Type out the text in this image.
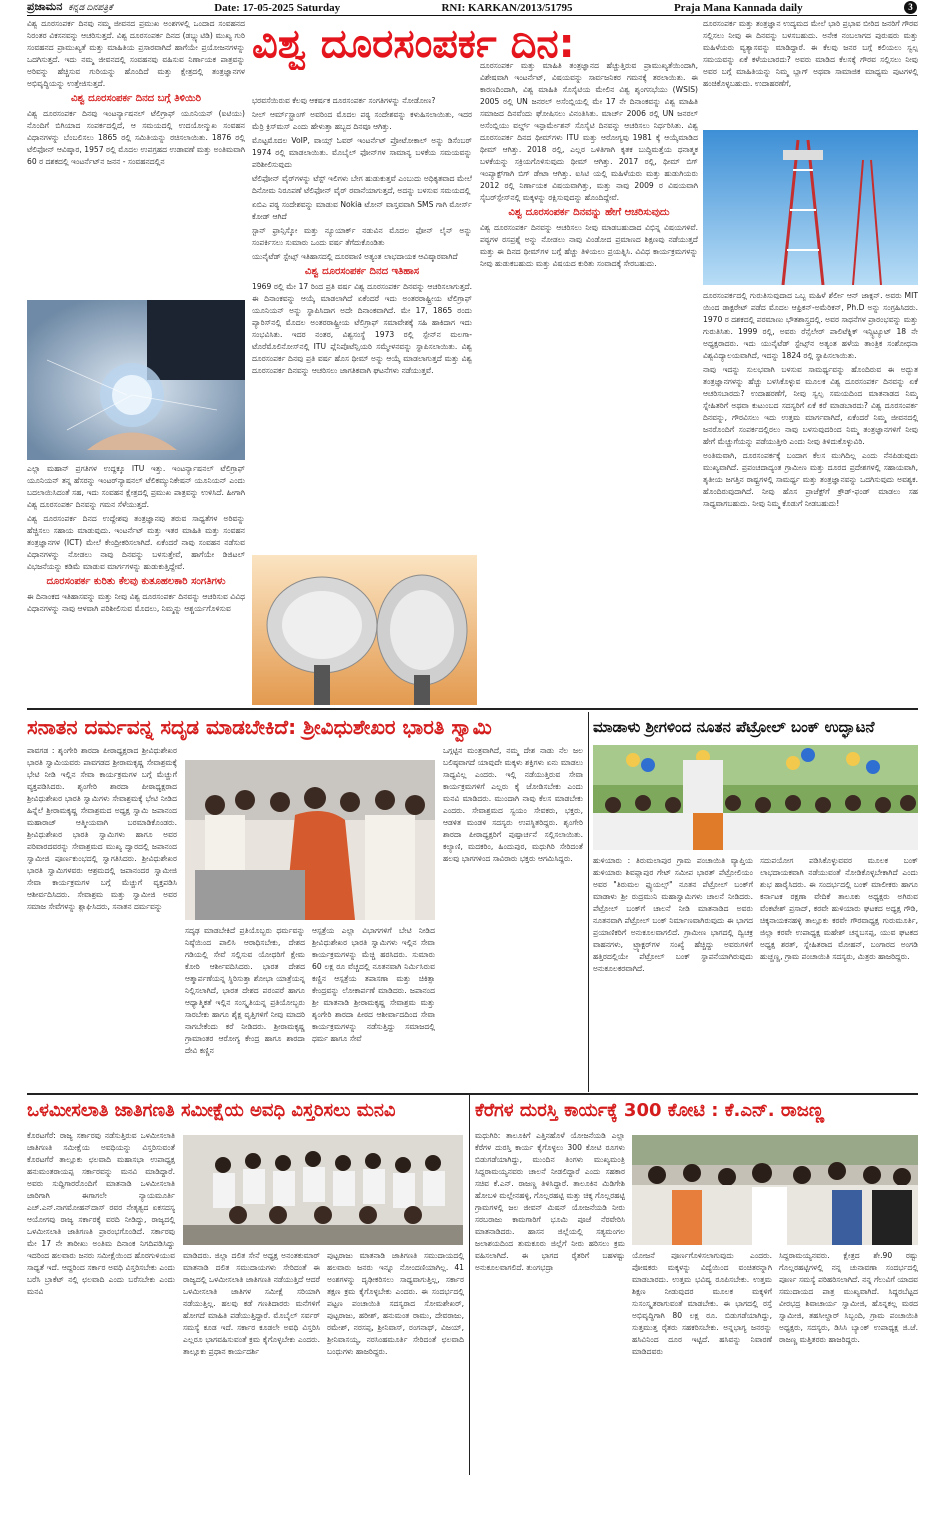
ಪ್ರಜಾಮನ ಕನ್ನಡ ದಿನಪತ್ರಿಕೆ	Date: 17-05-2025 Saturday	RNI: KARKAN/2013/51795	Praja Mana Kannada daily	3
ವಿಶ್ವ ದೂರಸಂಪರ್ಕ ದಿನ:

ವಿಶ್ವ ದೂರಸಂಪರ್ಕ ದಿನವು ನಮ್ಮ ಜೀವನದ ಪ್ರಮುಖ ಅಂಶಗಳಲ್ಲಿ ಒಂದಾದ ಸಂವಹನದ ನಿರಂತರ ವಿಕಸನವನ್ನು ಆಚರಿಸುತ್ತದೆ. ವಿಶ್ವ ದೂರಸಂಪರ್ಕ ದಿನದ (ಡಬ್ಲ್ಯುಟಿಡಿ) ಮುಖ್ಯ ಗುರಿ ಸಂವಹನದ ಪ್ರಾಮುಖ್ಯತೆ ಮತ್ತು ಮಾಹಿತಿಯ ಪ್ರಸಾರವಾಗಿದೆ ಹಾಗೆಯೇ ಪ್ರಯೋಜನಗಳನ್ನು ಒದಗಿಸುತ್ತದೆ. ಇದು ನಮ್ಮ ಜೀವನದಲ್ಲಿ ಸಂವಹನವು ವಹಿಸುವ ನಿರ್ಣಾಯಕ ಪಾತ್ರವನ್ನು ಅರಿವನ್ನು ಹೆಚ್ಚಿಸುವ ಗುರಿಯನ್ನು ಹೊಂದಿದೆ ಮತ್ತು ಕ್ಷೇತ್ರದಲ್ಲಿ ತಂತ್ರಜ್ಞಾನಗಳ ಅಭಿವೃದ್ಧಿಯನ್ನು ಉತ್ತೇಜಿಸುತ್ತದೆ.

ವಿಶ್ವ ದೂರಸಂಪರ್ಕ ದಿನದ ಬಗ್ಗೆ ತಿಳಿಯಿರಿ

ವಿಶ್ವ ದೂರಸಂಪರ್ಕ ದಿನವು ಇಂಟರ್ನ್ಯಾಷನಲ್ ಟೆಲಿಗ್ರಾಫ್ ಯೂನಿಯನ್ (ಐಟಿಯು) ನೊಂದಿಗೆ ಬಿಗಿಯಾದ ಸಂಪರ್ಕದಲ್ಲಿದೆ, ಆ ಸಮಯದಲ್ಲಿ ಉದಯೋನ್ಮುಖ ಸಂವಹನ ವಿಧಾನಗಳನ್ನು ಬೆಂಬಲಿಸಲು 1865 ರಲ್ಲಿ ಸಮಿತಿಯನ್ನು ರಚಿಸಲಾಯಿತು. 1876 ರಲ್ಲಿ ಟೆಲಿಫೋನ್ ಆವಿಷ್ಕಾರ, 1957 ರಲ್ಲಿ ಮೊದಲ ಉಪಗ್ರಹದ ಉಡಾವಣೆ ಮತ್ತು ಅಂತಿಮವಾಗಿ 60 ರ ದಶಕದಲ್ಲಿ ಇಂಟರ್ನೆಟ್‌ನ ಜನನ - ಸಂವಹನದಲ್ಲಿನ

ಎಲ್ಲಾ ಮಹಾನ್ ಪ್ರಗತಿಗಳ ಉದ್ದಕ್ಕೂ ITU ಇತ್ತು. ಇಂಟರ್ನ್ಯಾಷನಲ್ ಟೆಲಿಗ್ರಾಫ್ ಯೂನಿಯನ್ ತನ್ನ ಹೆಸರನ್ನು ಇಂಟರ್‌ನ್ಯಾಷನಲ್ ಟೆಲಿಕಮ್ಯುನಿಕೇಷನ್ ಯೂನಿಯನ್ ಎಂದು ಬದಲಾಯಿಸಿದಂತೆ ಸಹ, ಇದು ಸಂವಹನ ಕ್ಷೇತ್ರದಲ್ಲಿ ಪ್ರಮುಖ ಪಾತ್ರವನ್ನು ಉಳಿಸಿದೆ. ಹೀಗಾಗಿ ವಿಶ್ವ ದೂರಸಂಪರ್ಕ ದಿನವನ್ನು ಗಮನ ಸೆಳೆಯುತ್ತದೆ.

ವಿಶ್ವ ದೂರಸಂಪರ್ಕ ದಿನದ ಉದ್ದೇಶವು ತಂತ್ರಜ್ಞಾನವು ತರುವ ಸಾಧ್ಯತೆಗಳ ಅರಿವನ್ನು ಹೆಚ್ಚಿಸಲು ಸಹಾಯ ಮಾಡುವುದು. ಇಂಟರ್ನೆಟ್ ಮತ್ತು ಇತರ ಮಾಹಿತಿ ಮತ್ತು ಸಂವಹನ ತಂತ್ರಜ್ಞಾನಗಳ (ICT) ಮೇಲೆ ಕೇಂದ್ರೀಕರಿಸಲಾಗಿದೆ. ಏಕೆಂದರೆ ನಾವು ಸಂವಹನ ನಡೆಸುವ ವಿಧಾನಗಳನ್ನು ನೋಡಲು ನಾವು ದಿನವನ್ನು ಬಳಸುತ್ತೇವೆ, ಹಾಗೆಯೇ ಡಿಜಿಟಲ್ ವಿಭಜನೆಯನ್ನು ಕಡಿಮೆ ಮಾಡುವ ಮಾರ್ಗಗಳನ್ನು ಹುಡುಕುತ್ತಿದ್ದೇವೆ.

ದೂರಸಂಪರ್ಕ ಕುರಿತು ಕೆಲವು ಕುತೂಹಲಕಾರಿ ಸಂಗತಿಗಳು

ಈ ದಿನಾಂಕದ ಇತಿಹಾಸವನ್ನು ಮತ್ತು ನೀವು ವಿಶ್ವ ದೂರಸಂಪರ್ಕ ದಿನವನ್ನು ಆಚರಿಸುವ ವಿವಿಧ ವಿಧಾನಗಳನ್ನು ನಾವು ಆಳವಾಗಿ ಪರಿಶೀಲಿಸುವ ಮೊದಲು, ನಿಮ್ಮನ್ನು ಆಶ್ಚರ್ಯಗೊಳಿಸುವ

ಭರವಸೆಯಿರುವ ಕೆಲವು ಆಕರ್ಷಕ ದೂರಸಂಪರ್ಕ ಸಂಗತಿಗಳನ್ನು ನೋಡೋಣ?

ನೀಲ್ ಆರ್ಮ್‌ಸ್ಟ್ರಾಂಗ್ ಅವರಿಂದ ಮೊದಲ ಪಠ್ಯ ಸಂದೇಶವನ್ನು ಕಳುಹಿಸಲಾಯಿತು, ಇದರ ಮೆರ್ರಿ ಕ್ರಿಸ್‌ಮಸ್ ಎಂದು ಹೇಳುತ್ತಾ ಹಬ್ಬದ ದಿನವೂ ಆಗಿತ್ತು.

ಮೊಟ್ಟಮೊದಲ VoIP, ವಾಯ್ಸ್ ಓವರ್ ಇಂಟರ್ನೆಟ್ ಪ್ರೋಟೋಕಾಲ್ ಅನ್ನು ಡಿಸೆಂಬರ್ 1974 ರಲ್ಲಿ ಮಾಡಲಾಯಿತು. ಮೊಬೈಲ್ ಫೋನ್‌ಗಳ ಸಾಮಾನ್ಯ ಬಳಕೆಯ ಸಮಯವನ್ನು ಪರಿಶೀಲಿಸುವುದು

ಟೆಲಿಫೋನ್ ವೈರ್‌ಗಳನ್ನು ಟೆಸ್ಟ್ ಇಲಿಗಳು ಬೇಗ ಹುಡುಕುತ್ತವೆ ಎಂಬುದು ಅಧಿಕೃತವಾದ ಮೇಲೆ ದಿನೋಮ ನಿರೂಪಣೆ ಟೆಲಿಫೋನ್ ವೈರ್ ರವಾನೆಯಾಗುತ್ತದೆ, ಅದನ್ನು ಬಳಸುವ ಸಮಯದಲ್ಲಿ

ಏಬಿಎ ಪಠ್ಯ ಸಂದೇಶವನ್ನು ಮಾಡುವ Nokia ಟೋನ್ ವಾಸ್ತವವಾಗಿ SMS ಗಾಗಿ ಮೋರ್ಸ್ ಕೋಡ್ ಆಗಿದೆ

ಸ್ಟಾನ್ ಫ್ರಾನ್ಸಿಸ್ಕೋ ಮತ್ತು ನ್ಯೂಯಾರ್ಕ್ ನಡುವಿನ ಮೊದಲ ಫೋನ್ ಲೈನ್ ಅನ್ನು ಸಂಪರ್ಕಿಸಲು ಸುಮಾರು ಒಂದು ವರ್ಷ ತೆಗೆದುಕೊಂಡಿತು

ಯುನೈಟೆಡ್ ಸ್ಟೇಟ್ಸ್ ಇತಿಹಾಸದಲ್ಲಿ ದೂರವಾಣಿ ಅತ್ಯಂತ ಲಾಭದಾಯಕ ಆವಿಷ್ಕಾರವಾಗಿದೆ

ವಿಶ್ವ ದೂರಸಂಪರ್ಕ ದಿನದ ಇತಿಹಾಸ

1969 ರಲ್ಲಿ ಮೇ 17 ರಿಂದ ಪ್ರತಿ ವರ್ಷ ವಿಶ್ವ ದೂರಸಂಪರ್ಕ ದಿನವನ್ನು ಆಚರಿಸಲಾಗುತ್ತದೆ. ಈ ದಿನಾಂಕವನ್ನು ಆಯ್ಕೆ ಮಾಡಲಾಗಿದೆ ಏಕೆಂದರೆ ಇದು ಅಂತರರಾಷ್ಟ್ರೀಯ ಟೆಲಿಗ್ರಾಫ್ ಯೂನಿಯನ್ ಅನ್ನು ಸ್ಥಾಪಿಸಿದಾಗ ಅದೇ ದಿನಾಂಕವಾಗಿದೆ. ಮೇ 17, 1865 ರಂದು ಪ್ಯಾರಿಸ್‌ನಲ್ಲಿ ಮೊದಲ ಅಂತರರಾಷ್ಟ್ರೀಯ ಟೆಲಿಗ್ರಾಫ್ ಸಮಾವೇಶಕ್ಕೆ ಸಹಿ ಹಾಕಿದಾಗ ಇದು ಸಂಭವಿಸಿತು. ಇದರ ನಂತರ, ವಿಶ್ವಸಂಸ್ಥೆ 1973 ರಲ್ಲಿ ಸ್ಪೇನ್‌ನ ಮಲಗಾ-ಟೊರೆಮೊಲಿನೋಸ್‌ನಲ್ಲಿ ITU ಪ್ಲೆನಿಪೊಟೆನ್ಷಿಯರಿ ಸಮ್ಮೇಳನವನ್ನು ಸ್ಥಾಪಿಸಲಾಯಿತು. ವಿಶ್ವ ದೂರಸಂಪರ್ಕ ದಿನವು ಪ್ರತಿ ವರ್ಷ ಹೊಸ ಥೀಮ್ ಅನ್ನು ಆಯ್ಕೆ ಮಾಡಲಾಗುತ್ತದೆ ಮತ್ತು ವಿಶ್ವ ದೂರಸಂಪರ್ಕ ದಿನವನ್ನು ಆಚರಿಸಲು ಜಾಗತಿಕವಾಗಿ ಘಟನೆಗಳು ನಡೆಯುತ್ತವೆ.

ದೂರಸಂಪರ್ಕ ಮತ್ತು ಮಾಹಿತಿ ತಂತ್ರಜ್ಞಾನದ ಹೆಚ್ಚುತ್ತಿರುವ ಪ್ರಾಮುಖ್ಯತೆಯಿಂದಾಗಿ, ವಿಶೇಷವಾಗಿ ಇಂಟರ್ನೆಟ್, ವಿಷಯವನ್ನು ಸಾರ್ವಜನಿಕರ ಗಮನಕ್ಕೆ ತರಲಾಯಿತು. ಈ ಕಾರಣದಿಂದಾಗಿ, ವಿಶ್ವ ಮಾಹಿತಿ ಸೊಸೈಟಿಯ ಮೇಲಿನ ವಿಶ್ವ ಶೃಂಗಸಭೆಯು (WSIS) 2005 ರಲ್ಲಿ UN ಜನರಲ್ ಅಸೆಂಬ್ಲಿಯಲ್ಲಿ ಮೇ 17 ನೇ ದಿನಾಂಕವನ್ನು ವಿಶ್ವ ಮಾಹಿತಿ ಸಮಾಜದ ದಿನವೆಂದು ಘೋಷಿಸಲು ವಿನಂತಿಸಿತು. ಮಾರ್ಚ್ 2006 ರಲ್ಲಿ UN ಜನರಲ್ ಅಸೆಂಬ್ಲಿಯು ವರ್ಲ್ಡ್ ಇನ್ಫಾರ್ಮೇಶನ್ ಸೊಸೈಟಿ ದಿನವನ್ನು ಆಚರಿಸಲು ನಿರ್ಧರಿಸಿತು. ವಿಶ್ವ ದೂರಸಂಪರ್ಕ ದಿನದ ಥೀಮ್‌ಗಳು ITU ಮತ್ತು ಆರೋಗ್ಯವು 1981 ಕ್ಕೆ ಆಯ್ಕೆಮಾಡಿದ ಥೀಮ್ ಆಗಿತ್ತು. 2018 ರಲ್ಲಿ, ಎಲ್ಲರ ಒಳಿತಿಗಾಗಿ ಕೃತಕ ಬುದ್ಧಿಮತ್ತೆಯ ಧನಾತ್ಮಕ ಬಳಕೆಯನ್ನು ಸಕ್ರಿಯಗೊಳಿಸುವುದು ಥೀಮ್ ಆಗಿತ್ತು. 2017 ರಲ್ಲಿ, ಥೀಮ್ ಬಿಗ್ ಇಂಪ್ಯಾಕ್ಟ್‌ಗಾಗಿ ಬಿಗ್ ಡೇಟಾ ಆಗಿತ್ತು. ಐಸಿಟಿ ಯಲ್ಲಿ ಮಹಿಳೆಯರು ಮತ್ತು ಹುಡುಗಿಯರು 2012 ರಲ್ಲಿ ನಿರ್ಣಾಯಕ ವಿಷಯವಾಗಿತ್ತು, ಮತ್ತು ನಾವು 2009 ರ ವಿಷಯವಾಗಿ ಸೈಬರ್‌ಸ್ಪೇಸ್‌ನಲ್ಲಿ ಮಕ್ಕಳನ್ನು ರಕ್ಷಿಸುವುದನ್ನು ಹೊಂದಿದ್ದೇವೆ.

ವಿಶ್ವ ದೂರಸಂಪರ್ಕ ದಿನವನ್ನು ಹೇಗೆ ಆಚರಿಸುವುದು

ವಿಶ್ವ ದೂರಸಂಪರ್ಕ ದಿನವನ್ನು ಆಚರಿಸಲು ನೀವು ಮಾಡಬಹುದಾದ ವಿಭಿನ್ನ ವಿಷಯಗಳಿವೆ. ಪಠ್ಯಗಳ ರಸಪ್ರಶ್ನೆ ಅನ್ನು ನೋಡಲು ನಾವು ವಿಂಡೋದ ಪ್ರಮಾಣದ ಶಿಕ್ಷಣವು ನಡೆಯುತ್ತದೆ ಮತ್ತು ಈ ದಿನದ ಥೀಮ್‌ಗಳ ಬಗ್ಗೆ ಹೆಚ್ಚು ತಿಳಿಯಲು ಪ್ರಯತ್ನಿಸಿ. ವಿವಿಧ ಕಾರ್ಯಕ್ರಮಗಳನ್ನು ನೀವು ಹುಡುಕಬಹುದು ಮತ್ತು ವಿಷಯದ ಕುರಿತು ಸಂವಾದಕ್ಕೆ ಸೇರಬಹುದು.

ದೂರಸಂಪರ್ಕ ಮತ್ತು ತಂತ್ರಜ್ಞಾನ ಉದ್ಯಮದ ಮೇಲೆ ಭಾರಿ ಪ್ರಭಾವ ಬೀರಿದ ಜನರಿಗೆ ಗೌರವ ಸಲ್ಲಿಸಲು ನೀವು ಈ ದಿನವನ್ನು ಬಳಸಬಹುದು. ಅನೇಕ ನಂಬಲಾಗದ ಪುರುಷರು ಮತ್ತು ಮಹಿಳೆಯರು ವ್ಯತ್ಯಾಸವನ್ನು ಮಾಡಿದ್ದಾರೆ. ಈ ಕೆಲವು ಜನರ ಬಗ್ಗೆ ಕಲಿಯಲು ಸ್ವಲ್ಪ ಸಮಯವನ್ನು ಏಕೆ ಕಳೆಯಬಾರದು? ಅವರು ಮಾಡಿದ ಕೆಲಸಕ್ಕೆ ಗೌರವ ಸಲ್ಲಿಸಲು ನೀವು ಅವರ ಬಗ್ಗೆ ಮಾಹಿತಿಯನ್ನು ನಿಮ್ಮ ಬ್ಲಾಗ್ ಅಥವಾ ಸಾಮಾಜಿಕ ಮಾಧ್ಯಮ ಪುಟಗಳಲ್ಲಿ ಹಂಚಿಕೊಳ್ಳಬಹುದು. ಉದಾಹರಣೆಗೆ,

ದೂರಸಂಪರ್ಕದಲ್ಲಿ ಗುರುತಿಸುವುದಾದ ಒಬ್ಬ ಮಹಿಳೆ ಶೆರ್ಲೀ ಆನ್ ಜಾಕ್ಸನ್. ಅವರು MIT ಯಿಂದ ಡಾಕ್ಟರೇಟ್ ಪಡೆದ ಮೊದಲ ಆಫ್ರಿಕನ್-ಅಮೆರಿಕನ್, Ph.D ಅನ್ನು ಸಂಗ್ರಹಿಸಿದರು. 1970 ರ ದಶಕದಲ್ಲಿ ಪರಮಾಣು ಭೌತಶಾಸ್ತ್ರದಲ್ಲಿ. ಅವರ ಸಾಧನೆಗಳ ಪ್ರಾರಂಭವನ್ನು ಮತ್ತು ಗುರುತಿಸಿತು. 1999 ರಲ್ಲಿ, ಅವರು ರೆನ್ಸೆಲೇರ್ ಪಾಲಿಟೆಕ್ನಿಕ್ ಇನ್ಸ್ಟಿಟ್ಯೂಟ್ 18 ನೇ ಅಧ್ಯಕ್ಷರಾದರು. ಇದು ಯುನೈಟೆಡ್ ಸ್ಟೇಟ್ಸ್‌ನ ಅತ್ಯಂತ ಹಳೆಯ ತಾಂತ್ರಿಕ ಸಂಶೋಧನಾ ವಿಶ್ವವಿದ್ಯಾಲಯವಾಗಿದೆ, ಇದನ್ನು 1824 ರಲ್ಲಿ ಸ್ಥಾಪಿಸಲಾಯಿತು.

ನಾವು ಇದನ್ನು ಸುಲಭವಾಗಿ ಬಳಸುವ ಸಾಮರ್ಥ್ಯವನ್ನು ಹೊಂದಿರುವ ಈ ಅದ್ಭುತ ತಂತ್ರಜ್ಞಾನಗಳನ್ನು ಹೆಚ್ಚು ಬಳಸಿಕೊಳ್ಳುವ ಮೂಲಕ ವಿಶ್ವ ದೂರಸಂಪರ್ಕ ದಿನವನ್ನು ಏಕೆ ಆಚರಿಸಬಾರದು? ಉದಾಹರಣೆಗೆ, ನೀವು ಸ್ವಲ್ಪ ಸಮಯದಿಂದ ಮಾತನಾಡದ ನಿಮ್ಮ ಸ್ನೇಹಿತರಿಗೆ ಅಥವಾ ಕುಟುಂಬದ ಸದಸ್ಯರಿಗೆ ಏಕೆ ಕರೆ ಮಾಡಬಾರದು? ವಿಶ್ವ ದೂರಸಂಪರ್ಕ ದಿನವನ್ನು, ಗೌರವಿಸಲು ಇದು ಉತ್ತಮ ಮಾರ್ಗವಾಗಿದೆ, ಏಕೆಂದರೆ ನಿಮ್ಮ ಜೀವನದಲ್ಲಿ ಜನರೊಂದಿಗೆ ಸಂಪರ್ಕದಲ್ಲಿರಲು ನಾವು ಬಳಸುವುದರಿಂದ ನಿಮ್ಮ ತಂತ್ರಜ್ಞಾನಗಳಿಗೆ ನೀವು ಹೇಗೆ ಮೆಚ್ಚುಗೆಯನ್ನು ಪಡೆಯುತ್ತೀರಿ ಎಂದು ನೀವು ತಿಳಿದುಕೊಳ್ಳುವಿರಿ.

ಅಂತಿಮವಾಗಿ, ದೂರಸಂಪರ್ಕಕ್ಕೆ ಬಂದಾಗ ಕೆಲಸ ಮುಗಿದಿಲ್ಲ ಎಂದು ನೆನಪಿಡುವುದು ಮುಖ್ಯವಾಗಿದೆ. ಪ್ರಪಂಚದಾದ್ಯಂತ ಗ್ರಾಮೀಣ ಮತ್ತು ದೂರದ ಪ್ರದೇಶಗಳಲ್ಲಿ ಸಹಾಯವಾಗಿ, ತೃತೀಯ ಜಗತ್ತಿನ ರಾಷ್ಟ್ರಗಳಲ್ಲಿ ಸಾಮರ್ಥ್ಯ ಮತ್ತು ತಂತ್ರಜ್ಞಾನವನ್ನು ಒದಗಿಸುವುದು ಅವಶ್ಯಕ. ಹೊಂದಿರುವುದಾಗಿದೆ. ನೀವು ಹೊಸ ಪ್ರಾಜೆಕ್ಟ್‌ಗೆ ಕ್ರೌಡ್-ಫಂಡ್ ಮಾಡಲು ಸಹ ಸಾಧ್ಯವಾಗಬಹುದು. ನೀವು ನಿಮ್ಮ ಕೊಡುಗೆ ನೀಡಬಹುದು!

ಸನಾತನ ದರ್ಮವನ್ನ ಸದೃಡ ಮಾಡಬೇಕಿದೆ: ಶ್ರೀವಿಧುಶೇಖರ ಭಾರತಿ ಸ್ವಾಮಿ

ಪಾವಗಡ : ಶೃಂಗೇರಿ ಶಾರದಾ ಪೀಠಾಧ್ಯಕ್ಷರಾದ ಶ್ರೀವಿಧುಶೇಖರ ಭಾರತಿ ಸ್ವಾಮಿಯವರು ಪಾವಗಡದ ಶ್ರೀರಾಮಕೃಷ್ಣ ಸೇವಾಶ್ರಮಕ್ಕೆ ಭೇಟಿ ನೀಡಿ ಇಲ್ಲಿನ ಸೇವಾ ಕಾರ್ಯಕ್ರಮಗಳ ಬಗ್ಗೆ ಮೆಚ್ಚುಗೆ ವ್ಯಕ್ತಪಡಿಸಿದರು. ಶೃಂಗೇರಿ ಶಾರದಾ ಪೀಠಾಧ್ಯಕ್ಷರಾದ ಶ್ರೀವಿಧುಶೇಖರ ಭಾರತಿ ಸ್ವಾಮಿಗಳು ಸೇವಾಶ್ರಮಕ್ಕೆ ಭೇಟಿ ನೀಡಿದ ಹಿನ್ನೆಲೆ ಶ್ರೀರಾಮಕೃಷ್ಣ ಸೇವಾಶ್ರಮದ ಅಧ್ಯಕ್ಷ ಸ್ವಾಮಿ ಜಪಾನಂದ ಮಹಾರಾಜ್ ಆತ್ಮೀಯವಾಗಿ ಬರಮಾಡಿಕೊಂಡರು. ಶ್ರೀವಿಧುಶೇಖರ ಭಾರತಿ ಸ್ವಾಮಿಗಳು ಹಾಗೂ ಅವರ ಪರಿವಾರದವರನ್ನು ಸೇವಾಶ್ರಮದ ಮುಖ್ಯ ದ್ವಾರದಲ್ಲಿ ಜಪಾನಂದ ಸ್ವಾಮೀಜಿ ಪೂರ್ಣಕುಂಭದಲ್ಲಿ ಸ್ವಾಗತಿಸಿದರು. ಶ್ರೀವಿಧುಶೇಖರ ಭಾರತಿ ಸ್ವಾಮಿಗಳವರು ಆಶ್ರಮದಲ್ಲಿ ಜಪಾನಂದರ ಸ್ವಾಮೀಜಿ ಸೇವಾ ಕಾರ್ಯಕ್ರಮಗಳ ಬಗ್ಗೆ ಮೆಚ್ಚುಗೆ ವ್ಯಕ್ತಪಡಿಸಿ ಆಶೀರ್ವದಿಸಿದರು. ಸೇವಾಶ್ರಮ ಮತ್ತು ಸ್ವಾಮೀಜಿ ಅವರ ಸಮಾಜ ಸೇವೆಗಳನ್ನು ಶ್ಲಾಘಿಸಿದರು, ಸನಾತನ ದರ್ಮವನ್ನು

ಸದೃಢ ಮಾಡಬೇಕಿದೆ ಪ್ರತಿಯೊಬ್ಬರು ಧರ್ಮವನ್ನು ನಿಷ್ಠೆಯಿಂದ ಪಾಲಿಸಿ ಆರಾಧಿಸಬೇಕು, ದೇಶದ ಗಡಿಯಲ್ಲಿ ಸೇವೆ ಸಲ್ಲಿಸುವ ಯೋಧರಿಗೆ ಕ್ಷೇಮ ಕೋರಿ ಆರ್ಶೀವದಿಸಿದರು. ಭಾರತ ದೇಶದ ಆತ್ಮಾರ್ಪಣೆಯನ್ನ ಸ್ಥಿರಿಸುತ್ತಾ ಶೋಭಾ ಯಾತ್ರೆಯನ್ನ ನಿಲ್ಲಿಸಲಾಗಿದೆ, ಭಾರತ ದೇಶದ ಪರಂಪರೆ ಹಾಗೂ ಆಧ್ಯಾತ್ಮಿಕತೆ ಇಲ್ಲಿನ ಸಂಸ್ಕೃತಿಯನ್ನ ಪ್ರತಿಯೋಬ್ಬರು ಸಾರಬೇಕು ಹಾಗೂ ಶೈಕ್ಷ ವೃತ್ತಿಗಳಿಗೆ ನೀವು ಮಾದರಿ ನಾಗಬೇಕೆಂದು ಕರೆ ನೀಡಿದರು. ಶ್ರೀರಾಮಕೃಷ್ಣ ಗ್ರಾಮಾಂತರ ಆರೋಗ್ಯ ಕೇಂದ್ರ ಹಾಗೂ ಶಾರದಾ ದೇವಿ ಕಣ್ಣಿನ

ಆಸ್ಪತ್ರೆಯ ಎಲ್ಲಾ ವಿಭಾಗಗಳಿಗೆ ಬೇಟಿ ನೀಡಿದ ಶ್ರೀವಿಧುಶೇಖರ ಭಾರತಿ ಸ್ವಾಮಿಗಳು ಇಲ್ಲಿನ ಸೇವಾ ಕಾರ್ಯಕ್ರಮಗಳನ್ನು ಮೆಚ್ಚಿ ಹರಸಿದರು. ಸುಮಾರು 60 ಲಕ್ಷ ರೂ ವೆಚ್ಚದಲ್ಲಿ ನೂತನವಾಗಿ ನಿರ್ಮಿಸಿರುವ ಕಣ್ಣಿನ ಆಸ್ಪತ್ರೆಯ ತಪಾಸಣಾ ಮತ್ತು ಚಿಕಿತ್ಸಾ ಕೇಂದ್ರವನ್ನು ಲೋಕಾರ್ಪಣೆ ಮಾಡಿದರು. ಜಪಾನಂದ ಶ್ರೀ ಮಾತನಾಡಿ ಶ್ರೀರಾಮಕೃಷ್ಣ ಸೇವಾಶ್ರಮ ಮತ್ತು ಶೃಂಗೇರಿ ಶಾರದಾ ಪೀಠದ ಆಶೀರ್ವಾದದಿಂದ ಸೇವಾ ಕಾರ್ಯಕ್ರಮಗಳನ್ನು ನಡೆಸುತ್ತಿದ್ದು ಸಮಾಜದಲ್ಲಿ ಧರ್ಮ ಹಾಗೂ ಸೇವೆ

ಒಗ್ಗಟ್ಟಿನ ಮಂತ್ರವಾಗಿದೆ, ನಮ್ಮ ದೇಶ ನಾಡು ನೆಲ ಜಲ ಬಲಿಷ್ಠವಾಗದೆ ಯಾವುದೇ ಮಕ್ಕಳು ಶಕ್ತಿಗಳು ಏನು ಮಾಡಲು ಸಾಧ್ಯವಿಲ್ಲ ಎಂದರು. ಇಲ್ಲಿ ನಡೆಯುತ್ತಿರುವ ಸೇವಾ ಕಾರ್ಯಕ್ರಮಗಳಿಗೆ ಎಲ್ಲರು ಕೈ ಜೋಡಿಸಬೇಕು ಎಂದು ಮನವಿ ಮಾಡಿದರು. ಮುಂದಾಗಿ ನಾವು ಕೆಲಸ ಮಾಡಬೇಕು ಎಂದರು. ಸೇವಾಶ್ರಮದ ಸ್ವಯಂ ಸೇವಕರು, ಭಕ್ತರು, ಆಡಳಿತ ಮಂಡಳಿ ಸದಸ್ಯರು ಉಪಸ್ಥಿತರಿದ್ದರು. ಶೃಂಗೇರಿ ಶಾರದಾ ಪೀಠಾಧ್ಯಕ್ಷರಿಗೆ ಪುಷ್ಪಾರ್ಚನೆ ಸಲ್ಲಿಸಲಾಯಿತು. ಕಲ್ಯಾಣಿ, ಮದಕರಿಂ, ಹಿಂದುಪುರ, ಮಧುಗಿರಿ ಸೇರಿದಂತೆ ಹಲವು ಭಾಗಗಳಿಂದ ಸಾವಿರಾರು ಭಕ್ತರು ಆಗಮಿಸಿದ್ದರು.

ಮಾಡಾಳು ಶ್ರೀಗಳಿಂದ ನೂತನ ಪೆಟ್ರೋಲ್ ಬಂಕ್ ಉದ್ಘಾಟನೆ

ಹುಳಿಯಾರು : ತಿರುಮಲಾಪುರ ಗ್ರಾಮ ಪಂಚಾಯಿತಿ ವ್ಯಾಪ್ತಿಯ ಹುಳಿಯಾರು ಶಿವಪ್ಲಾಪುರ ಗೇಟ್ ಸಮೀಪ ಭಾರತ್ ಪೆಟ್ರೋಲಿಯಂ ಅವರ "ತಿರುಮಲ ಫ್ಯುಯಲ್ಸ್" ನೂತನ ಪೆಟ್ರೋಲ್ ಬಂಕ್‌ಗೆ ಮಾಡಾಳು ಶ್ರೀ ರುದ್ರಮುನಿ ಮಹಾಸ್ವಾಮಿಗಳು ಚಾಲನೆ ನೀಡಿದರು. ಪೆಟ್ರೋಲ್ ಬಂಕ್‌ಗೆ ಚಾಲನೆ ನೀಡಿ ಮಾತನಾಡಿದ ಅವರು ನೂತನವಾಗಿ ಪೆಟ್ರೋಲ್ ಬಂಕ್ ನಿರ್ಮಾಣವಾಗಿರುವುದು ಈ ಭಾಗದ ಪ್ರಯಾಣಿಕರಿಗೆ ಅನುಕೂಲವಾಗಲಿದೆ. ಗ್ರಾಮೀಣ ಭಾಗದಲ್ಲಿ ದ್ವಿಚಕ್ರ ವಾಹನಗಳು, ಟ್ರ್ಯಾಕ್ಟರ್‌ಗಳ ಸಂಖ್ಯೆ ಹೆಚ್ಚಿದ್ದು ಅವರುಗಳಿಗೆ ಹತ್ತಿರದಲ್ಲಿಯೇ ಪೆಟ್ರೋಲ್ ಬಂಕ್ ಸ್ಥಾಪನೆಯಾಗಿರುವುದು ಅನುಕೂಲಕರವಾಗಿದೆ.

ಸದುಪಯೋಗ ಪಡಿಸಿಕೊಳ್ಳುವವರ ಮೂಲಕ ಬಂಕ್ ಲಾಭದಾಯಕವಾಗಿ ನಡೆಯುವಂತೆ ನೋಡಿಕೊಳ್ಳಬೇಕಾಗಿದೆ ಎಂದು ಶುಭ ಹಾರೈಸಿದರು. ಈ ಸಂದರ್ಭದಲ್ಲಿ ಬಂಕ್ ಮಾಲೀಕರು ಹಾಗೂ ಕರ್ನಾಟಕ ರಕ್ಷಣಾ ವೇದಿಕೆ ತಾಲೂಕು ಅಧ್ಯಕ್ಷರು ಅಗಿರುವ ವೆಂಕಟೇಶ್ ಪ್ರಸಾದ್, ಕರವೇ ಹುಳಿಯಾರು ಘಟಕದ ಅಧ್ಯಕ್ಷ ಗೌಡಿ, ಚಿಕ್ಕನಾಯಕನಹಳ್ಳಿ ತಾಲ್ಲೂಕು ಕರವೇ ಗೌರವಾಧ್ಯಕ್ಷ ಗುರುಮೂರ್ತಿ, ಜಿಲ್ಲಾ ಕರವೇ ಉಪಾಧ್ಯಕ್ಷ ಮಹೇಶ್ ಚನ್ನಬಸಪ್ಪ, ಯುವ ಘಟಕದ ಅಧ್ಯಕ್ಷ ಶರತ್, ಸ್ನೇಹಿತರಾದ ಮೋಹನ್, ಬಂಗಾರದ ಅಂಗಡಿ ಹುಚ್ಚಣ್ಣ, ಗ್ರಾಮ ಪಂಚಾಯಿತಿ ಸದಸ್ಯರು, ಮಿತ್ರರು ಹಾಜರಿದ್ದರು.

ಒಳಮೀಸಲಾತಿ ಜಾತಿಗಣತಿ ಸಮೀಕ್ಷೆಯ ಅವಧಿ ವಿಸ್ತರಿಸಲು ಮನವಿ

ಕೊರಟಗೆರೆ: ರಾಜ್ಯ ಸರ್ಕಾರವು ನಡೆಸುತ್ತಿರುವ ಒಳಮೀಸಲಾತಿ ಜಾತಿಗಣತಿ ಸಮೀಕ್ಷೆಯ ಅವಧಿಯನ್ನು ವಿಸ್ತರಿಸುವಂತೆ ಕೊರಟಗೆರೆ ತಾಲ್ಲೂಕು ಛಲವಾದಿ ಮಹಾಸಭಾ ಉಪಾಧ್ಯಕ್ಷ ಹನುಮಂತರಾಯಪ್ಪ ಸರ್ಕಾರವನ್ನು ಮನವಿ ಮಾಡಿದ್ದಾರೆ. ಅವರು ಸುದ್ದಿಗಾರರೊಂದಿಗೆ ಮಾತನಾಡಿ ಒಳಮೀಸಲಾತಿ ಜಾರಿಗಾಗಿ ಈಗಾಗಲೇ ನ್ಯಾಯಮೂರ್ತಿ ಎಚ್.ಎನ್.ನಾಗಮೋಹನ್‌ದಾಸ್ ರವರ ನೇತೃತ್ವದ ಏಕಸದಸ್ಯ ಆಯೋಗವು ರಾಜ್ಯ ಸರ್ಕಾರಕ್ಕೆ ವರದಿ ನೀಡಿದ್ದು, ರಾಜ್ಯದಲ್ಲಿ ಒಳಮೀಸಲಾತಿ ಜಾತಿಗಣತಿ ಪ್ರಾರಂಭಗೊಂಡಿದೆ. ಸರ್ಕಾರವು ಮೇ 17 ನೇ ತಾರೀಖು ಅಂತಿಮ ದಿನಾಂಕ ನಿಗದಿಪಡಿಸಿದ್ದು ಇದರಿಂದ ಹಲವಾರು ಜನರು ಸಮೀಕ್ಷೆಯಿಂದ ಹೊರಗುಳಿಯುವ ಸಾಧ್ಯತೆ ಇದೆ. ಆದ್ದರಿಂದ ಸರ್ಕಾರ ಅವಧಿ ವಿಸ್ತರಿಸಬೇಕು ಎಂದು ಬರೆಸಿ ಬ್ರಾಕೆಟ್ ನಲ್ಲಿ ಛಲವಾದಿ ಎಂದು ಬರೆಸಬೇಕು ಎಂದು ಮನವಿ

ಮಾಡಿದರು. ಜಿಲ್ಲಾ ದಲಿತ ಸೇನೆ ಅಧ್ಯಕ್ಷ ಅನಂತಕುಮಾರ್ ಮಾತನಾಡಿ ದಲಿತ ಸಮುದಾಯಗಳು ಸೇರಿದಂತೆ ಈ ರಾಜ್ಯದಲ್ಲಿ ಒಳಮೀಸಲಾತಿ ಜಾತಿಗಣತಿ ನಡೆಯುತ್ತಿದೆ ಆದರೆ ಒಳಮೀಸಲಾತಿ ಜಾತಿಗಳ ಸಮೀಕ್ಷೆ ಸರಿಯಾಗಿ ನಡೆಯುತ್ತಿಲ್ಲ. ಹಲವು ಕಡೆ ಗಣತಿದಾರರು ಮನೆಗಳಿಗೆ ಹೋಗದೆ ಮಾಹಿತಿ ಪಡೆಯುತ್ತಿದ್ದಾರೆ. ಮೊಬೈಲ್ ಸರ್ವರ್ ಸಮಸ್ಯೆ ಕೂಡ ಇದೆ. ಸರ್ಕಾರ ಕೂಡಲೇ ಅವಧಿ ವಿಸ್ತರಿಸಿ ಎಲ್ಲರೂ ಭಾಗವಹಿಸುವಂತೆ ಕ್ರಮ ಕೈಗೊಳ್ಳಬೇಕು ಎಂದರು. ತಾಲ್ಲೂಕು ಪ್ರಧಾನ ಕಾರ್ಯದರ್ಶಿ

ಪುಟ್ಟರಾಜು ಮಾತನಾಡಿ ಜಾತಿಗಣತಿ ಸಮುದಾಯದಲ್ಲಿ ಹಲವಾರು ಜನರು ಇನ್ನೂ ನೋಂದಣಿಯಾಗಿಲ್ಲ. 41 ಅಂಶಗಳನ್ನು ದೃಢೀಕರಿಸಲು ಸಾಧ್ಯವಾಗುತ್ತಿಲ್ಲ, ಸರ್ಕಾರ ತಕ್ಷಣ ಕ್ರಮ ಕೈಗೊಳ್ಳಬೇಕು ಎಂದರು. ಈ ಸಂದರ್ಭದಲ್ಲಿ ಪಟ್ಟಣ ಪಂಚಾಯಿತಿ ಸದಸ್ಯರಾದ ಸೋಮಶೇಖರ್, ಪುಟ್ಟರಾಜು, ಹರೀಶ್, ಹನುಮಂತ ರಾಮು, ದೇವರಾಜು, ರಮೇಶ್, ನರಸಪ್ಪ, ಶ್ರೀನಿವಾಸ್, ರಂಗನಾಥ್, ವಿಜಯ್, ಶ್ರೀನಿವಾಸಯ್ಯ, ನರಸಿಂಹಮೂರ್ತಿ ಸೇರಿದಂತೆ ಛಲವಾದಿ ಬಂಧುಗಳು ಹಾಜರಿದ್ದರು.

ಕೆರೆಗಳ ದುರಸ್ತಿ ಕಾರ್ಯಕ್ಕೆ 300 ಕೋಟಿ : ಕೆ.ಎನ್. ರಾಜಣ್ಣ

ಮಧುಗಿರಿ: ತಾಲೂಕಿಗೆ ಎತ್ತಿನಹೊಳೆ ಯೋಜನೆಯಡಿ ಎಲ್ಲಾ ಕೆರೆಗಳ ದುರಸ್ತಿ ಕಾರ್ಯ ಕೈಗೊಳ್ಳಲು 300 ಕೋಟಿ ರೂಗಳು ಬಿಡುಗಡೆಯಾಗಿದ್ದು, ಮುಂದಿನ ತಿಂಗಳು ಮುಖ್ಯಮಂತ್ರಿ ಸಿದ್ದರಾಮಯ್ಯನವರು ಚಾಲನೆ ನೀಡಲಿದ್ದಾರೆ ಎಂದು ಸಹಕಾರ ಸಚಿವ ಕೆ.ಎನ್. ರಾಜಣ್ಣ ತಿಳಿಸಿದ್ದಾರೆ. ತಾಲೂಕಿನ ಮಿಡಿಗೇಶಿ ಹೋಬಳಿ ಮಲ್ಲೇನಹಳ್ಳಿ, ಗೊಲ್ಲರಹಟ್ಟಿ ಮತ್ತು ಚಿಕ್ಕ ಗೊಲ್ಲರಹಟ್ಟಿ ಗ್ರಾಮಗಳಲ್ಲಿ ಜಲ ಜೀವನ್ ಮಿಷನ್ ಯೋಜನೆಯಡಿ ನೀರು ಸರಬರಾಜು ಕಾಮಗಾರಿಗೆ ಭೂಮಿ ಪೂಜೆ ನೆರವೇರಿಸಿ ಮಾತನಾಡಿದರು. ಹಾಸನ ಜಿಲ್ಲೆಯಲ್ಲಿ ಸತ್ಯಮಂಗಲ ಜಲಾಶಯದಿಂದ ತುಮಕೂರು ಜಿಲ್ಲೆಗೆ ನೀರು ಹರಿಸಲು ಕ್ರಮ ವಹಿಸಲಾಗಿದೆ. ಈ ಭಾಗದ ರೈತರಿಗೆ ಬಹಳಷ್ಟು ಅನುಕೂಲವಾಗಲಿದೆ. ತುಂಗಭದ್ರಾ

ಯೋಜನೆ ಪೂರ್ಣಗೊಳಿಸಲಾಗುವುದು ಎಂದರು. ಪೋಷಕರು ಮಕ್ಕಳನ್ನು ವಿದ್ಯೆಯಿಂದ ವಂಚಿತರನ್ನಾಗಿ ಮಾಡಬಾರದು. ಉತ್ತಮ ಭವಿಷ್ಯ ರೂಪಿಸಬೇಕು. ಉತ್ತಮ ಶಿಕ್ಷಣ ನೀಡುವುದರ ಮೂಲಕ ಮಕ್ಕಳಿಗೆ ಸುಸಂಸ್ಕೃತರಾಗುವಂತೆ ಮಾಡಬೇಕು. ಈ ಭಾಗದಲ್ಲಿ ರಸ್ತೆ ಅಭಿವೃದ್ಧಿಗಾಗಿ 80 ಲಕ್ಷ ರೂ. ಬಿಡುಗಡೆಯಾಗಿದ್ದು, ಸುತ್ತಮುತ್ತ ರೈತರು ಸಹಕರಿಸಬೇಕು. ಅನ್ನಭಾಗ್ಯ ಜನರನ್ನು ಹಸಿವಿನಿಂದ ದೂರ ಇಟ್ಟಿದೆ. ಹಸಿವನ್ನು ನಿವಾರಣೆ ಮಾಡಿದವರು

ಸಿದ್ದರಾಮಯ್ಯನವರು. ಕ್ಷೇತ್ರದ ಶೇ.90 ರಷ್ಟು ಗೊಲ್ಲರಹಟ್ಟಿಗಳಲ್ಲಿ ನನ್ನ ಚುನಾವಣಾ ಸಂದರ್ಭದಲ್ಲಿ ಪೂರ್ಣ ಸಮಸ್ಯೆ ಪರಿಹರಿಸಲಾಗಿದೆ. ನನ್ನ ಗೆಲುವಿಗೆ ಯಾದವ ಸಮುದಾಯದ ಪಾತ್ರ ಮುಖ್ಯವಾಗಿದೆ. ಸಿದ್ದರಬೆಟ್ಟದ ವೀರಭದ್ರ ಶಿವಾಚಾರ್ಯ ಸ್ವಾಮೀಜಿ, ಹೊನ್ನಕಲ್ಲ ಮಠದ ಸ್ವಾಮೀಜಿ, ತಹಸೀಲ್ದಾರ್ ಸಿಬ್ಬಂದಿ, ಗ್ರಾಮ ಪಂಚಾಯಿತಿ ಅಧ್ಯಕ್ಷರು, ಸದಸ್ಯರು, ಡಿಸಿಸಿ ಬ್ಯಾಂಕ್ ಉಪಾಧ್ಯಕ್ಷ ಜಿ.ಜೆ. ರಾಜಣ್ಣ ಮತ್ತಿತರರು ಹಾಜರಿದ್ದರು.
